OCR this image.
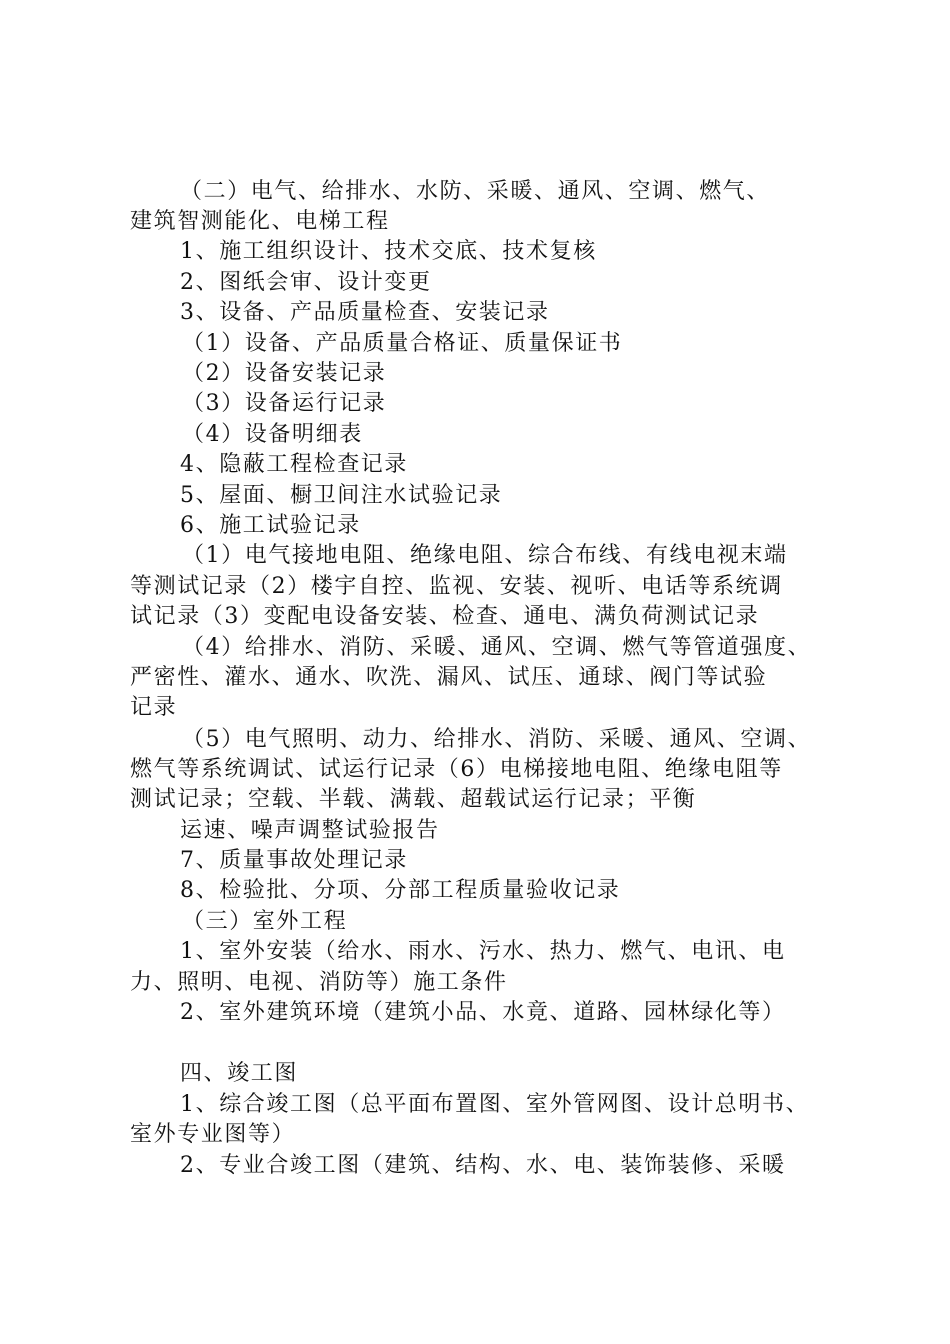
（二）电气、给排水、水防、采暖、通风、空调、燃气、
建筑智测能化、电梯工程
1、施工组织设计、技术交底、技术复核
2、图纸会审、设计变更
3、设备、产品质量检查、安装记录
（1）设备、产品质量合格证、质量保证书
（2）设备安装记录
（3）设备运行记录
（4）设备明细表
4、隐蔽工程检查记录
5、屋面、橱卫间注水试验记录
6、施工试验记录
（1）电气接地电阻、绝缘电阻、综合布线、有线电视末端
等测试记录（2）楼宇自控、监视、安装、视听、电话等系统调
试记录（3）变配电设备安装、检查、通电、满负荷测试记录
（4）给排水、消防、采暖、通风、空调、燃气等管道强度、
严密性、灌水、通水、吹洗、漏风、试压、通球、阀门等试验
记录
（5）电气照明、动力、给排水、消防、采暖、通风、空调、
燃气等系统调试、试运行记录（6）电梯接地电阻、绝缘电阻等
测试记录；空载、半载、满载、超载试运行记录；平衡
运速、噪声调整试验报告
7、质量事故处理记录
8、检验批、分项、分部工程质量验收记录
（三）室外工程
1、室外安装（给水、雨水、污水、热力、燃气、电讯、电
力、照明、电视、消防等）施工条件
2、室外建筑环境（建筑小品、水竟、道路、园林绿化等）
四、竣工图
1、综合竣工图（总平面布置图、室外管网图、设计总明书、
室外专业图等）
2、专业合竣工图（建筑、结构、水、电、装饰装修、采暖
